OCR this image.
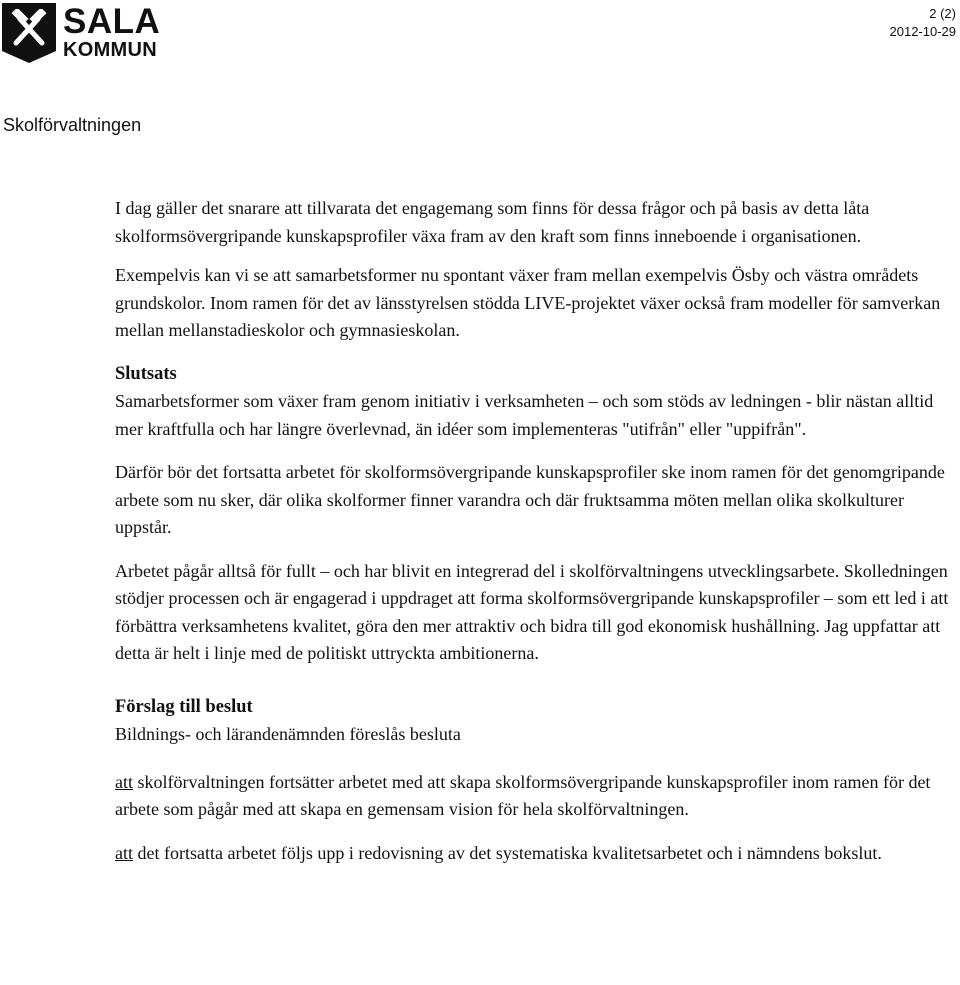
SALA
KOMMUN
2 (2)
2012-10-29
Skolförvaltningen

I dag gäller det snarare att tillvarata det engagemang som finns för dessa frågor och på basis av detta låta skolformsövergripande kunskapsprofiler växa fram av den kraft som finns inneboende i organisationen.

Exempelvis kan vi se att samarbetsformer nu spontant växer fram mellan exempelvis Ösby och västra områdets grundskolor. Inom ramen för det av länsstyrelsen stödda LIVE-projektet växer också fram modeller för samverkan mellan mellanstadieskolor och gymnasieskolan.

Slutsats

Samarbetsformer som växer fram genom initiativ i verksamheten – och som stöds av ledningen - blir nästan alltid mer kraftfulla och har längre överlevnad, än idéer som implementeras "utifrån" eller "uppifrån".

Därför bör det fortsatta arbetet för skolformsövergripande kunskapsprofiler ske inom ramen för det genomgripande arbete som nu sker, där olika skolformer finner varandra och där fruktsamma möten mellan olika skolkulturer uppstår.

Arbetet pågår alltså för fullt – och har blivit en integrerad del i skolförvaltningens utvecklingsarbete. Skolledningen stödjer processen och är engagerad i uppdraget att forma skolformsövergripande kunskapsprofiler – som ett led i att förbättra verksamhetens kvalitet, göra den mer attraktiv och bidra till god ekonomisk hushållning. Jag uppfattar att detta är helt i linje med de politiskt uttryckta ambitionerna.

Förslag till beslut

Bildnings- och lärandenämnden föreslås besluta

att skolförvaltningen fortsätter arbetet med att skapa skolformsövergripande kunskapsprofiler inom ramen för det arbete som pågår med att skapa en gemensam vision för hela skolförvaltningen.

att det fortsatta arbetet följs upp i redovisning av det systematiska kvalitetsarbetet och i nämndens bokslut.
